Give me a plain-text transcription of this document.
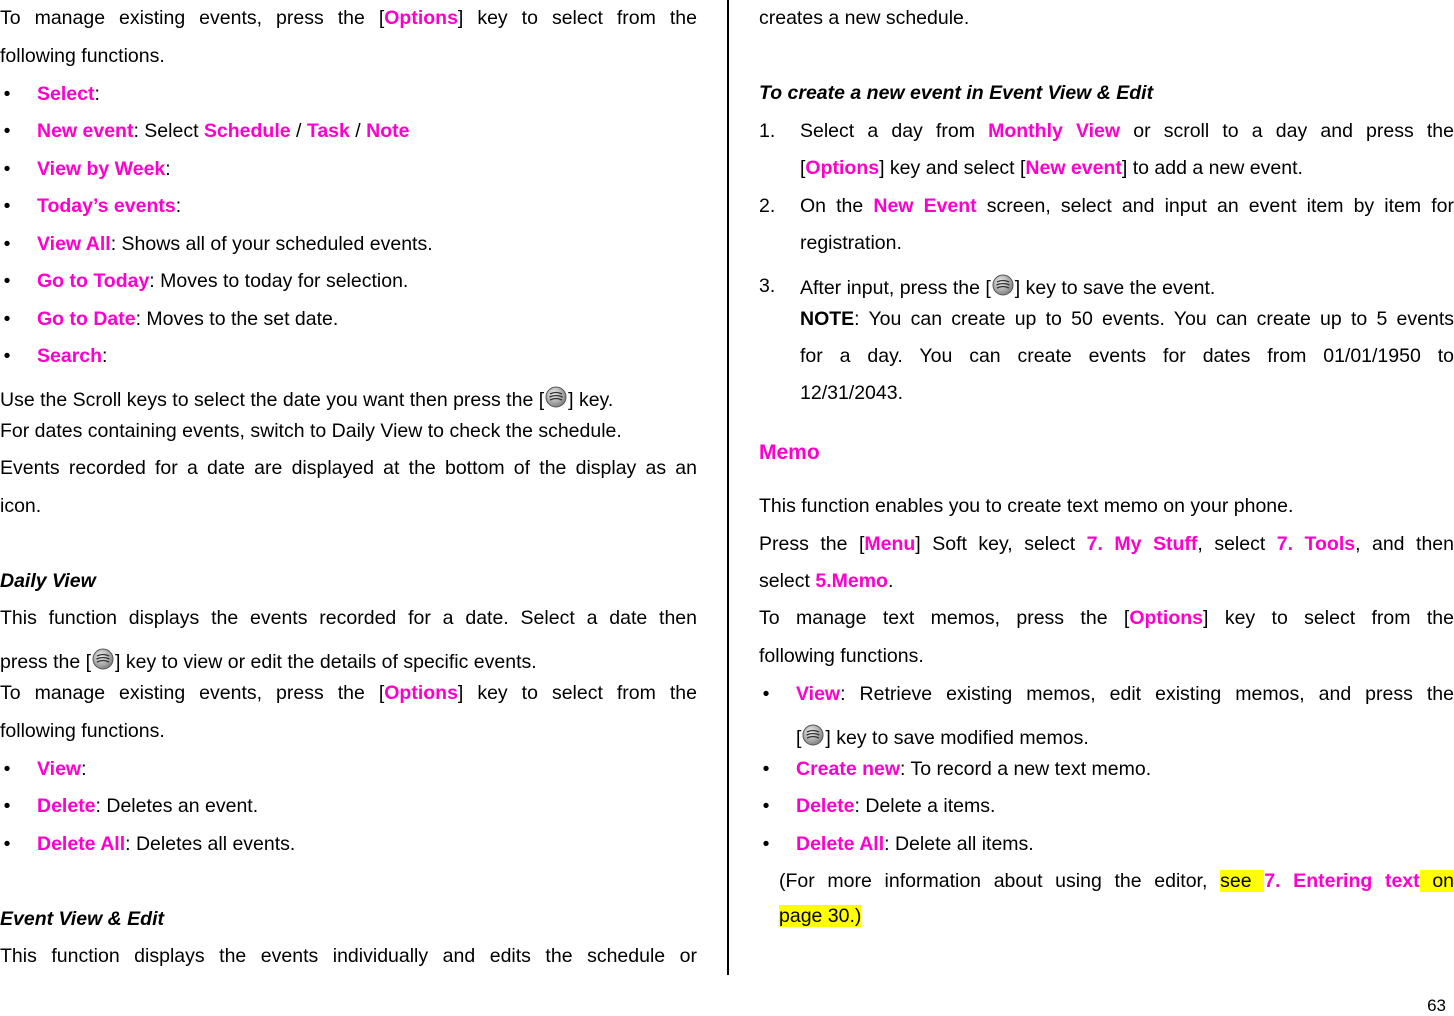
To manage existing events, press the [Options] key to select from the
following functions.
• Select:
• New event: Select Schedule / Task / Note
• View by Week:
• Today’s events:
• View All: Shows all of your scheduled events.
• Go to Today: Moves to today for selection.
• Go to Date: Moves to the set date.
• Search:
Use the Scroll keys to select the date you want then press the [ ] key.
For dates containing events, switch to Daily View to check the schedule.
Events recorded for a date are displayed at the bottom of the display as an
icon.
Daily View
This function displays the events recorded for a date. Select a date then
press the [ ] key to view or edit the details of specific events.
To manage existing events, press the [Options] key to select from the
following functions.
• View:
• Delete: Deletes an event.
• Delete All: Deletes all events.
Event View & Edit
This function displays the events individually and edits the schedule or
creates a new schedule.
To create a new event in Event View & Edit
1. Select a day from Monthly View or scroll to a day and press the
[Options] key and select [New event] to add a new event.
2. On the New Event screen, select and input an event item by item for
registration.
3. After input, press the [ ] key to save the event.
NOTE: You can create up to 50 events. You can create up to 5 events
for a day. You can create events for dates from 01/01/1950 to
12/31/2043.
Memo
This function enables you to create text memo on your phone.
Press the [Menu] Soft key, select 7. My Stuff, select 7. Tools, and then
select 5.Memo.
To manage text memos, press the [Options] key to select from the
following functions.
• View: Retrieve existing memos, edit existing memos, and press the
[ ] key to save modified memos.
• Create new: To record a new text memo.
• Delete: Delete a items.
• Delete All: Delete all items.
(For more information about using the editor, see 7. Entering text on
page 30.)
63
